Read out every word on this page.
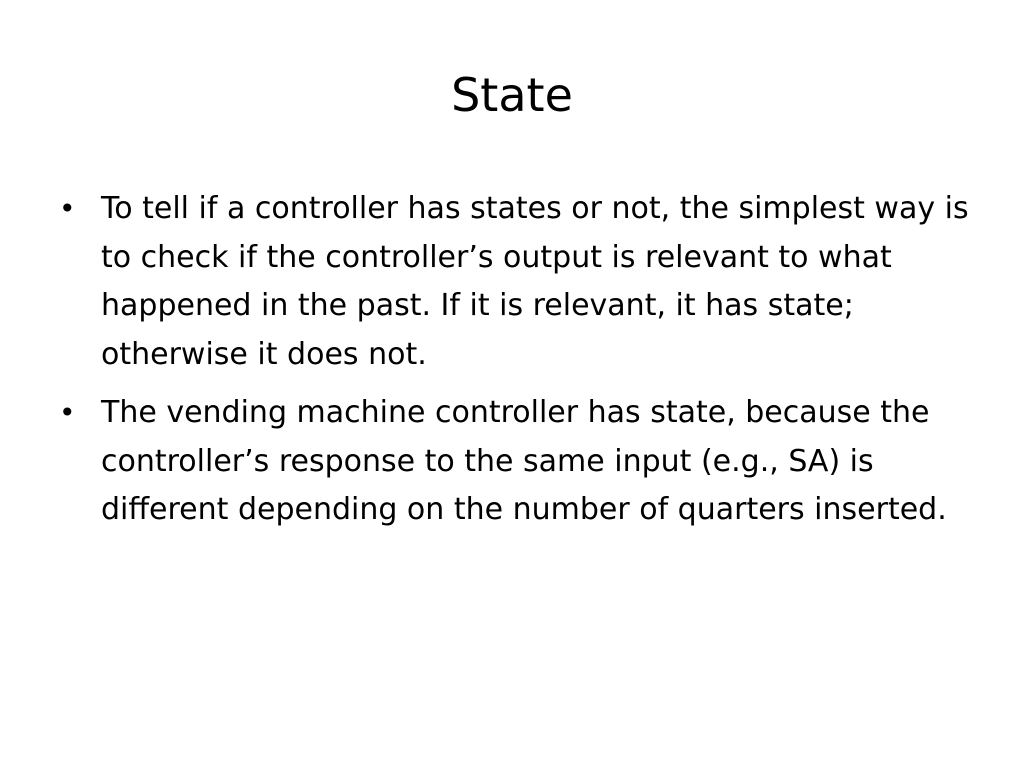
State
• To tell if a controller has states or not, the simplest way is to check if the controller’s output is relevant to what happened in the past. If it is relevant, it has state; otherwise it does not.
• The vending machine controller has state, because the controller’s response to the same input (e.g., SA) is different depending on the number of quarters inserted.
